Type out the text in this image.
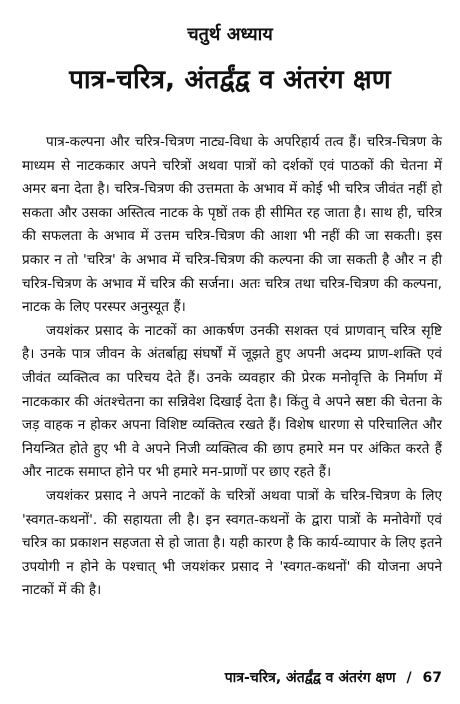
चतुर्थ अध्याय
पात्र-चरित्र, अंतर्द्वंद्व व अंतरंग क्षण

पात्र-कल्पना और चरित्र-चित्रण नाट्य-विधा के अपरिहार्य तत्व हैं। चरित्र-चित्रण के माध्यम से नाटककार अपने चरित्रों अथवा पात्रों को दर्शकों एवं पाठकों की चेतना में अमर बना देता है। चरित्र-चित्रण की उत्तमता के अभाव में कोई भी चरित्र जीवंत नहीं हो सकता और उसका अस्तित्व नाटक के पृष्ठों तक ही सीमित रह जाता है। साथ ही, चरित्र की सफलता के अभाव में उत्तम चरित्र-चित्रण की आशा भी नहीं की जा सकती। इस प्रकार न तो 'चरित्र' के अभाव में चरित्र-चित्रण की कल्पना की जा सकती है और न ही चरित्र-चित्रण के अभाव में चरित्र की सर्जना। अतः चरित्र तथा चरित्र-चित्रण की कल्पना, नाटक के लिए परस्पर अनुस्यूत हैं।

जयशंकर प्रसाद के नाटकों का आकर्षण उनकी सशक्त एवं प्राणवान् चरित्र सृष्टि है। उनके पात्र जीवन के अंतर्बाह्य संघर्षों में जूझते हुए अपनी अदम्य प्राण-शक्ति एवं जीवंत व्यक्तित्व का परिचय देते हैं। उनके व्यवहार की प्रेरक मनोवृत्ति के निर्माण में नाटककार की अंतश्चेतना का सन्निवेश दिखाई देता है। किंतु वे अपने स्रष्टा की चेतना के जड़ वाहक न होकर अपना विशिष्ट व्यक्तित्व रखते हैं। विशेष धारणा से परिचालित और नियन्त्रित होते हुए भी वे अपने निजी व्यक्तित्व की छाप हमारे मन पर अंकित करते हैं और नाटक समाप्त होने पर भी हमारे मन-प्राणों पर छाए रहते हैं।

जयशंकर प्रसाद ने अपने नाटकों के चरित्रों अथवा पात्रों के चरित्र-चित्रण के लिए 'स्वगत-कथनों'. की सहायता ली है। इन स्वगत-कथनों के द्वारा पात्रों के मनोवेगों एवं चरित्र का प्रकाशन सहजता से हो जाता है। यही कारण है कि कार्य-व्यापार के लिए इतने उपयोगी न होने के पश्चात् भी जयशंकर प्रसाद ने 'स्वगत-कथनों' की योजना अपने नाटकों में की है।

पात्र-चरित्र, अंतर्द्वंद्व व अंतरंग क्षण / 67
